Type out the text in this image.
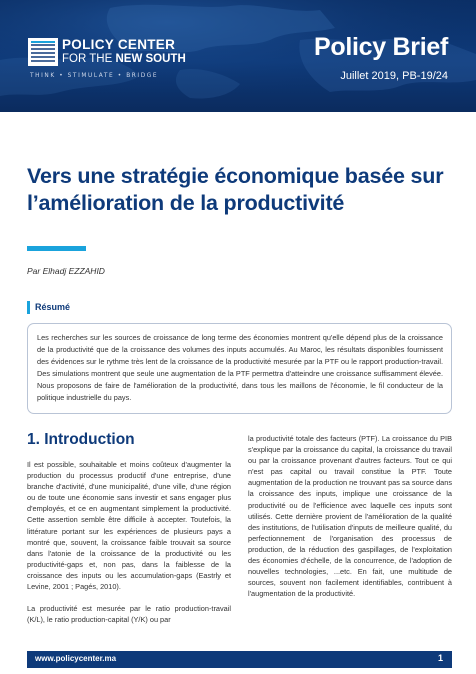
POLICY CENTER
FOR THE NEW SOUTH
THINK • STIMULATE • BRIDGE
Policy Brief
Juillet 2019, PB-19/24
Vers une stratégie économique basée sur l’amélioration de la productivité
Par Elhadj EZZAHID
Résumé
Les recherches sur les sources de croissance de long terme des économies montrent qu'elle dépend plus de la croissance de la productivité que de la croissance des volumes des inputs accumulés. Au Maroc, les résultats disponibles fournissent des évidences sur le rythme très lent de la croissance de la productivité mesurée par la PTF ou le rapport production-travail. Des simulations montrent que seule une augmentation de la PTF permettra d'atteindre une croissance suffisamment élevée. Nous proposons de faire de l'amélioration de la productivité, dans tous les maillons de l'économie, le fil conducteur de la politique industrielle du pays.
1. Introduction

Il est possible, souhaitable et moins coûteux d'augmenter la production du processus productif d'une entreprise, d'une branche d'activité, d'une municipalité, d'une ville, d'une région ou de toute une économie sans investir et sans engager plus d'employés, et ce en augmentant simplement la productivité. Cette assertion semble être difficile à accepter. Toutefois, la littérature portant sur les expériences de plusieurs pays a montré que, souvent, la croissance faible trouvait sa source dans l'atonie de la croissance de la productivité ou les productivité-gaps et, non pas, dans la faiblesse de la croissance des inputs ou les accumulation-gaps (Eastrly et Levine, 2001 ; Pagés, 2010).

La productivité est mesurée par le ratio production-travail (K/L), le ratio production-capital (Y/K) ou par

la productivité totale des facteurs (PTF). La croissance du PIB s'explique par la croissance du capital, la croissance du travail ou par la croissance provenant d'autres facteurs. Tout ce qui n'est pas capital ou travail constitue la PTF. Toute augmentation de la production ne trouvant pas sa source dans la croissance des inputs, implique une croissance de la productivité ou de l'efficience avec laquelle ces inputs sont utilisés. Cette dernière provient de l'amélioration de la qualité des institutions, de l'utilisation d'inputs de meilleure qualité, du perfectionnement de l'organisation des processus de production, de la réduction des gaspillages, de l'exploitation des économies d'échelle, de la concurrence, de l'adoption de nouvelles technologies, ...etc. En fait, une multitude de sources, souvent non facilement identifiables, contribuent à l'augmentation de la productivité.

www.policycenter.ma	1
